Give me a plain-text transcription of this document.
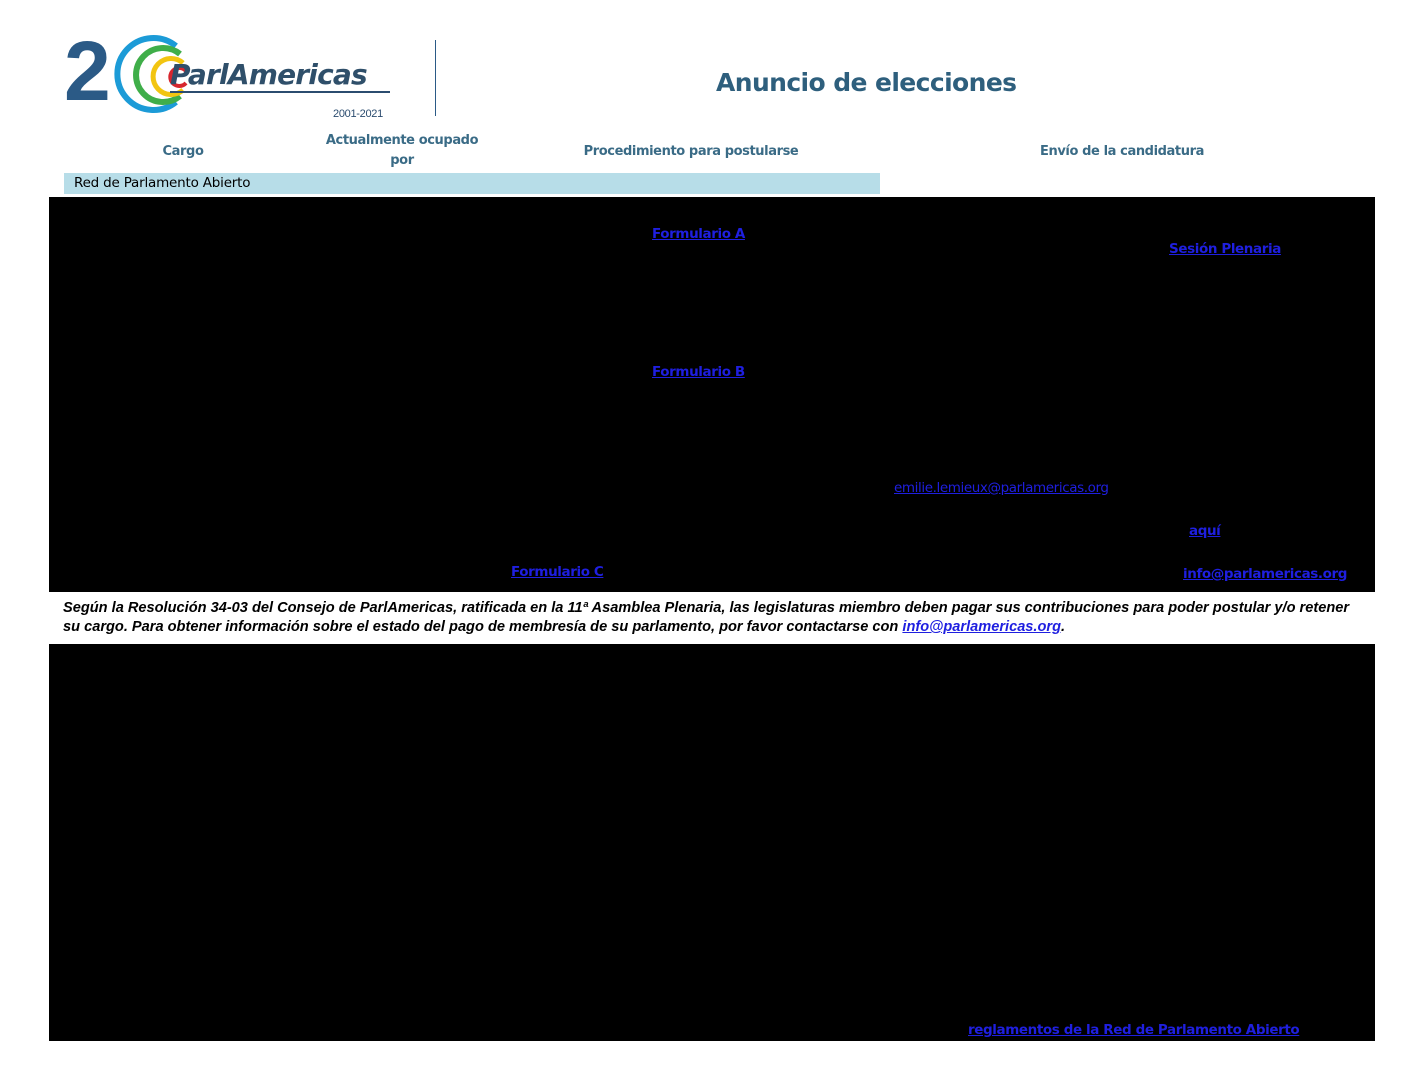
2 ParlAmericas
2001-2021
Anuncio de elecciones
Cargo
Actualmente ocupado por
Procedimiento para postularse	Envío de la candidatura
Red de Parlamento Abierto
Formulario A
Sesión Plenaria
Formulario B
emilie.lemieux@parlamericas.org
aquí
Formulario C	info@parlamericas.org
Según la Resolución 34-03 del Consejo de ParlAmericas, ratificada en la 11ª Asamblea Plenaria, las legislaturas miembro deben pagar sus contribuciones para poder postular y/o retener su cargo. Para obtener información sobre el estado del pago de membresía de su parlamento, por favor contactarse con info@parlamericas.org.
reglamentos de la Red de Parlamento Abierto
